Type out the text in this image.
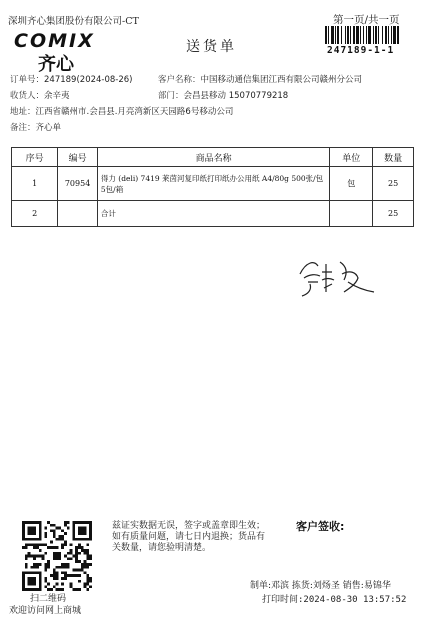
深圳齐心集团股份有限公司-CT
COMIX
齐心
送货单
第一页/共一页
247189-1-1
订单号：247189(2024-08-26)	客户名称：中国移动通信集团江西有限公司赣州分公司
收货人：余辛夷	部门：会昌县移动 15070779218
地址：江西省赣州市.会昌县.月亮湾新区天园路6号移动公司
备注：齐心单
序号	编号	商品名称	单位	数量
1	70954	得力 (deli) 7419 莱茵河复印纸打印纸办公用纸 A4/80g 500张/包 5包/箱	包	25
2		合计		25
扫二维码
欢迎访问网上商城
兹证实数据无误，签字或盖章即生效；如有质量问题，请七日内退换；货品有关数量，请您验明清楚。
客户签收:
制单:邓滨 拣货:刘炀圣 销售:易锦华
打印时间:2024-08-30 13:57:52
